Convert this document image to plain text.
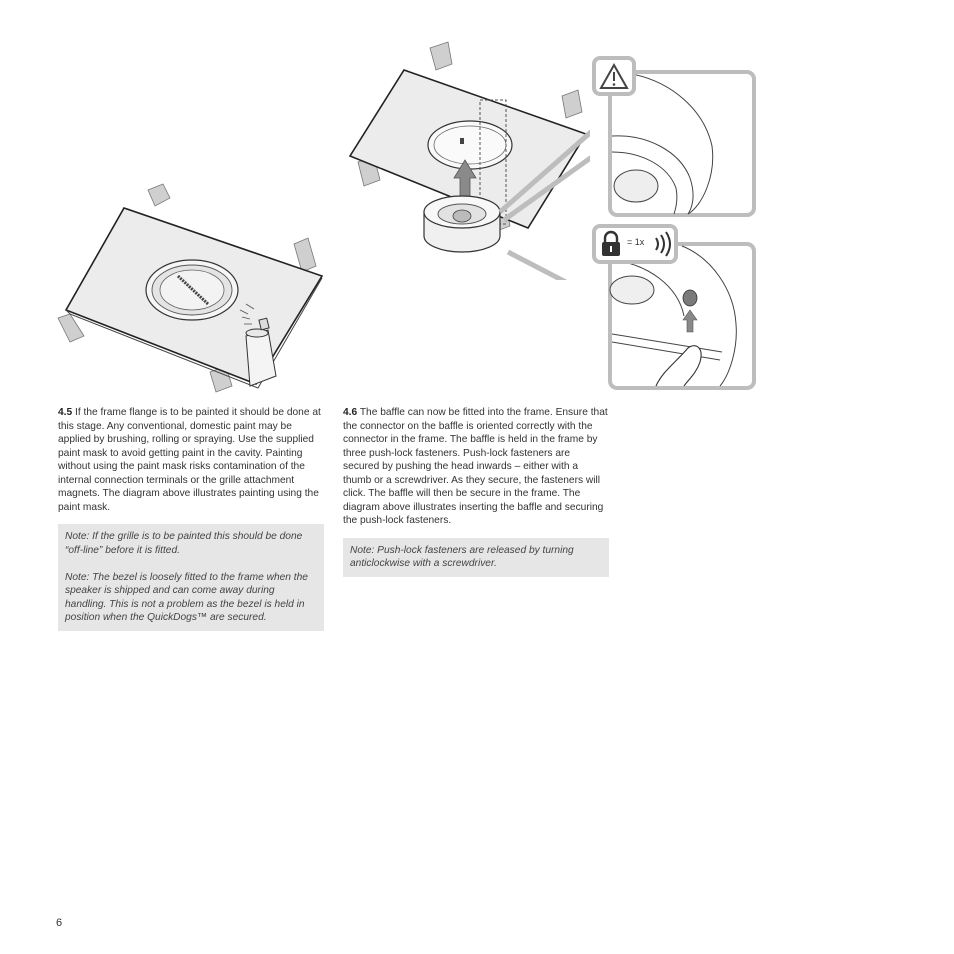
= 1x

4.5 If the frame flange is to be painted it should be done at this stage. Any conventional, domestic paint may be applied by brushing, rolling or spraying. Use the supplied paint mask to avoid getting paint in the cavity. Painting without using the paint mask risks contamination of the internal connection terminals or the grille attachment magnets. The diagram above illustrates painting using the paint mask.

Note: If the grille is to be painted this should be done “off-line” before it is fitted.

Note: The bezel is loosely fitted to the frame when the speaker is shipped and can come away during handling. This is not a problem as the bezel is held in position when the QuickDogs™ are secured.

4.6 The baffle can now be fitted into the frame. Ensure that the connector on the baffle is oriented correctly with the connector in the frame. The baffle is held in the frame by three push-lock fasteners. Push-lock fasteners are secured by pushing the head inwards – either with a thumb or a screwdriver. As they secure, the fasteners will click. The baffle will then be secure in the frame. The diagram above illustrates inserting the baffle and securing the push-lock fasteners.

Note: Push-lock fasteners are released by turning anticlockwise with a screwdriver.

6
